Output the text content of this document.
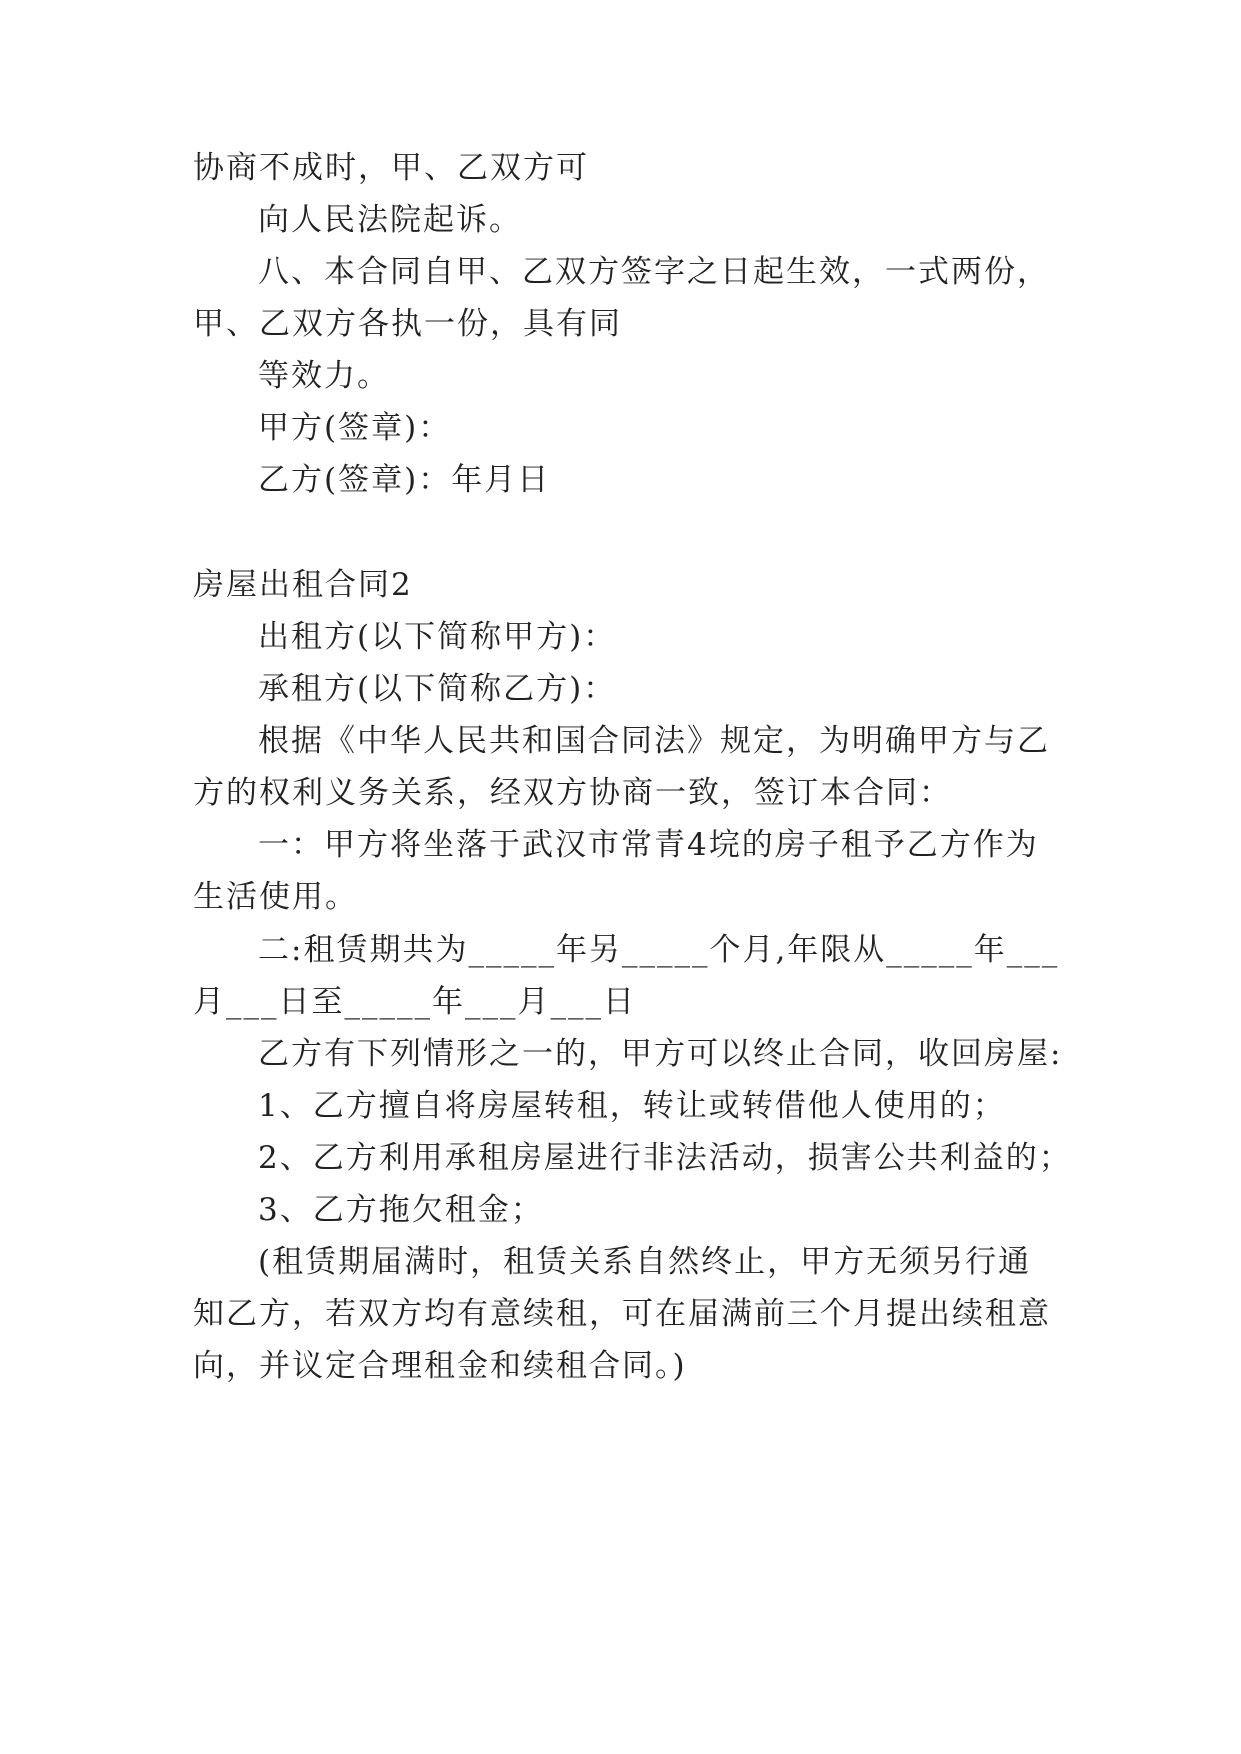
协商不成时，甲、乙双方可
向人民法院起诉。
八、本合同自甲、乙双方签字之日起生效，一式两份，
甲、乙双方各执一份，具有同
等效力。
甲方(签章)：
乙方(签章)：年月日
房屋出租合同2
出租方(以下简称甲方)：
承租方(以下简称乙方)：
根据《中华人民共和国合同法》规定，为明确甲方与乙
方的权利义务关系，经双方协商一致，签订本合同：
一：甲方将坐落于武汉市常青4垸的房子租予乙方作为
生活使用。
二:租赁期共为_____年另_____个月,年限从_____年___
月___日至_____年___月___日
乙方有下列情形之一的，甲方可以终止合同，收回房屋:
1、乙方擅自将房屋转租，转让或转借他人使用的；
2、乙方利用承租房屋进行非法活动，损害公共利益的；
3、乙方拖欠租金；
(租赁期届满时，租赁关系自然终止，甲方无须另行通
知乙方，若双方均有意续租，可在届满前三个月提出续租意
向，并议定合理租金和续租合同。)
